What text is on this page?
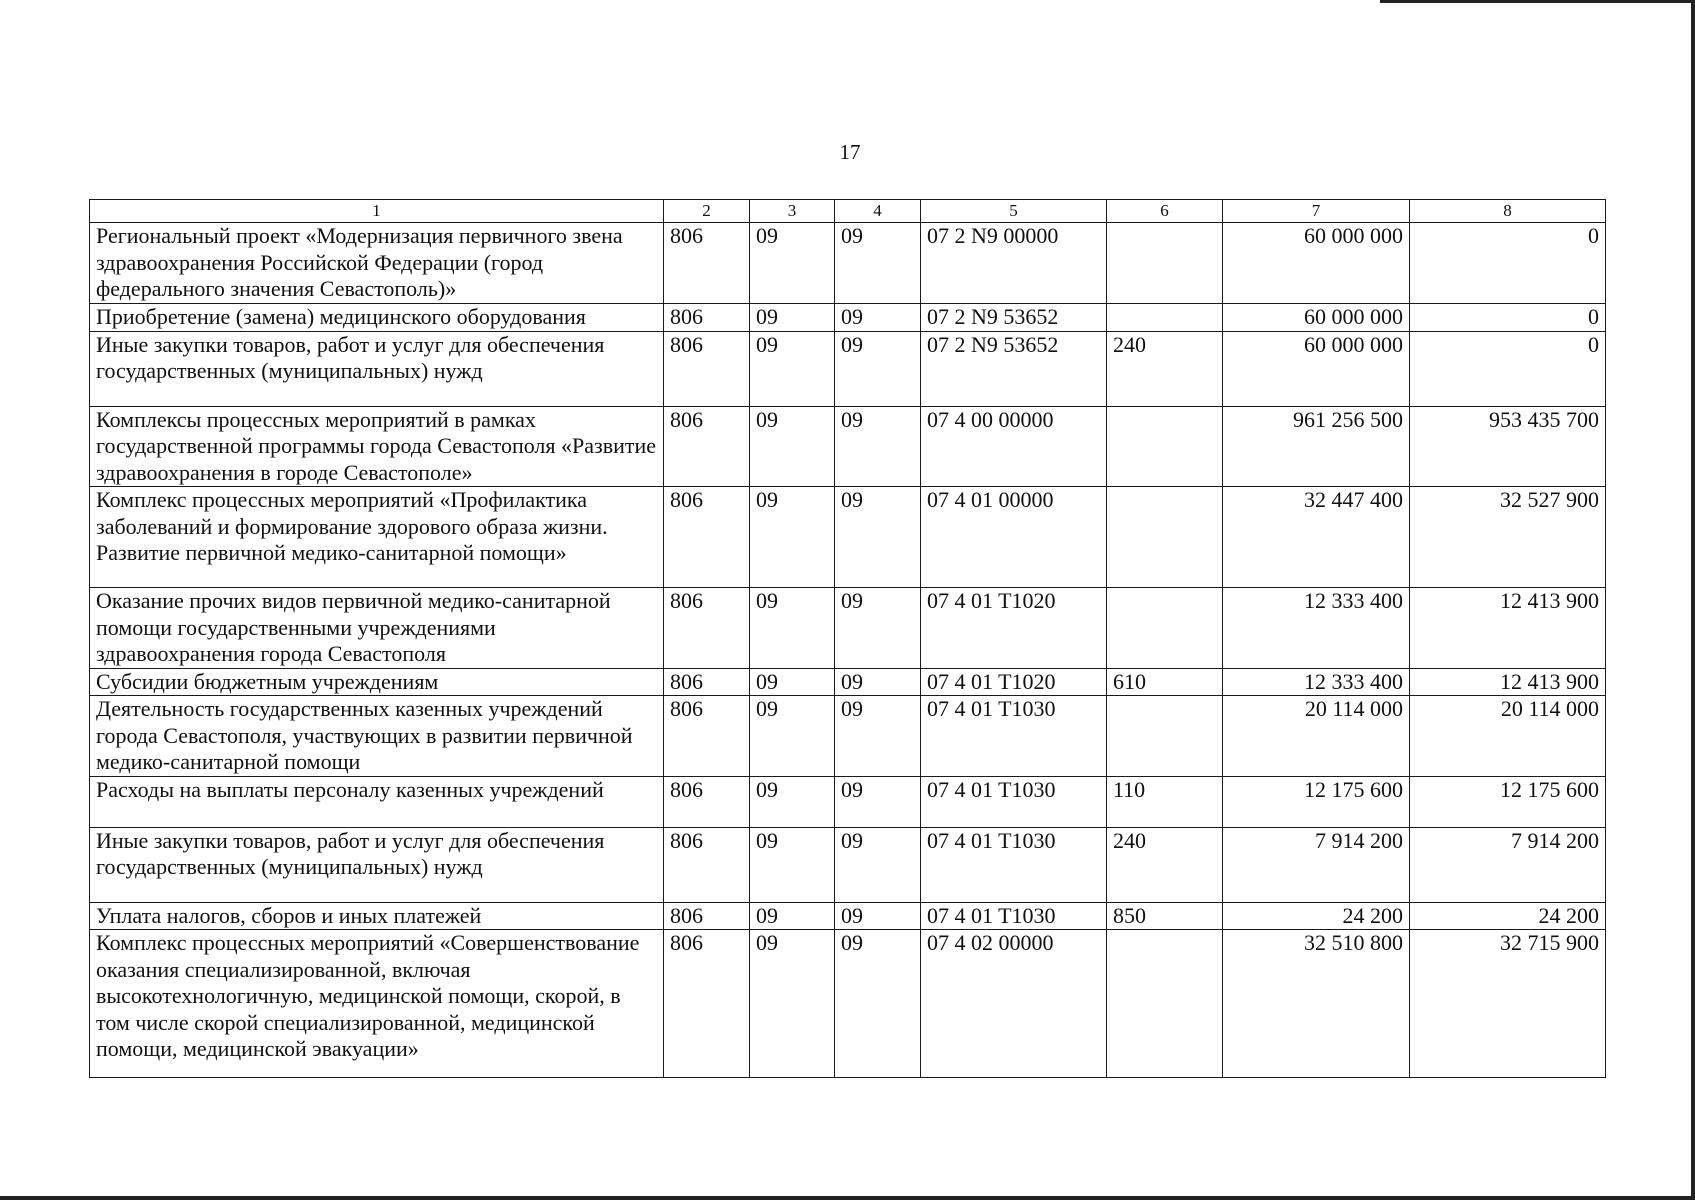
17
1	2	3	4	5	6	7	8
Региональный проект «Модернизация первичного звена здравоохранения Российской Федерации (город федерального значения Севастополь)»	806	09	09	07 2 N9 00000		60 000 000	0
Приобретение (замена) медицинского оборудования	806	09	09	07 2 N9 53652		60 000 000	0
Иные закупки товаров, работ и услуг для обеспечения государственных (муниципальных) нужд	806	09	09	07 2 N9 53652	240	60 000 000	0
Комплексы процессных мероприятий в рамках государственной программы города Севастополя «Развитие здравоохранения в городе Севастополе»	806	09	09	07 4 00 00000		961 256 500	953 435 700
Комплекс процессных мероприятий «Профилактика заболеваний и формирование здорового образа жизни. Развитие первичной медико-санитарной помощи»	806	09	09	07 4 01 00000		32 447 400	32 527 900
Оказание прочих видов первичной медико-санитарной помощи государственными учреждениями здравоохранения города Севастополя	806	09	09	07 4 01 T1020		12 333 400	12 413 900
Субсидии бюджетным учреждениям	806	09	09	07 4 01 T1020	610	12 333 400	12 413 900
Деятельность государственных казенных учреждений города Севастополя, участвующих в развитии первичной медико-санитарной помощи	806	09	09	07 4 01 T1030		20 114 000	20 114 000
Расходы на выплаты персоналу казенных учреждений	806	09	09	07 4 01 T1030	110	12 175 600	12 175 600
Иные закупки товаров, работ и услуг для обеспечения государственных (муниципальных) нужд	806	09	09	07 4 01 T1030	240	7 914 200	7 914 200
Уплата налогов, сборов и иных платежей	806	09	09	07 4 01 T1030	850	24 200	24 200
Комплекс процессных мероприятий «Совершенствование оказания специализированной, включая высокотехнологичную, медицинской помощи, скорой, в том числе скорой специализированной, медицинской помощи, медицинской эвакуации»	806	09	09	07 4 02 00000		32 510 800	32 715 900
